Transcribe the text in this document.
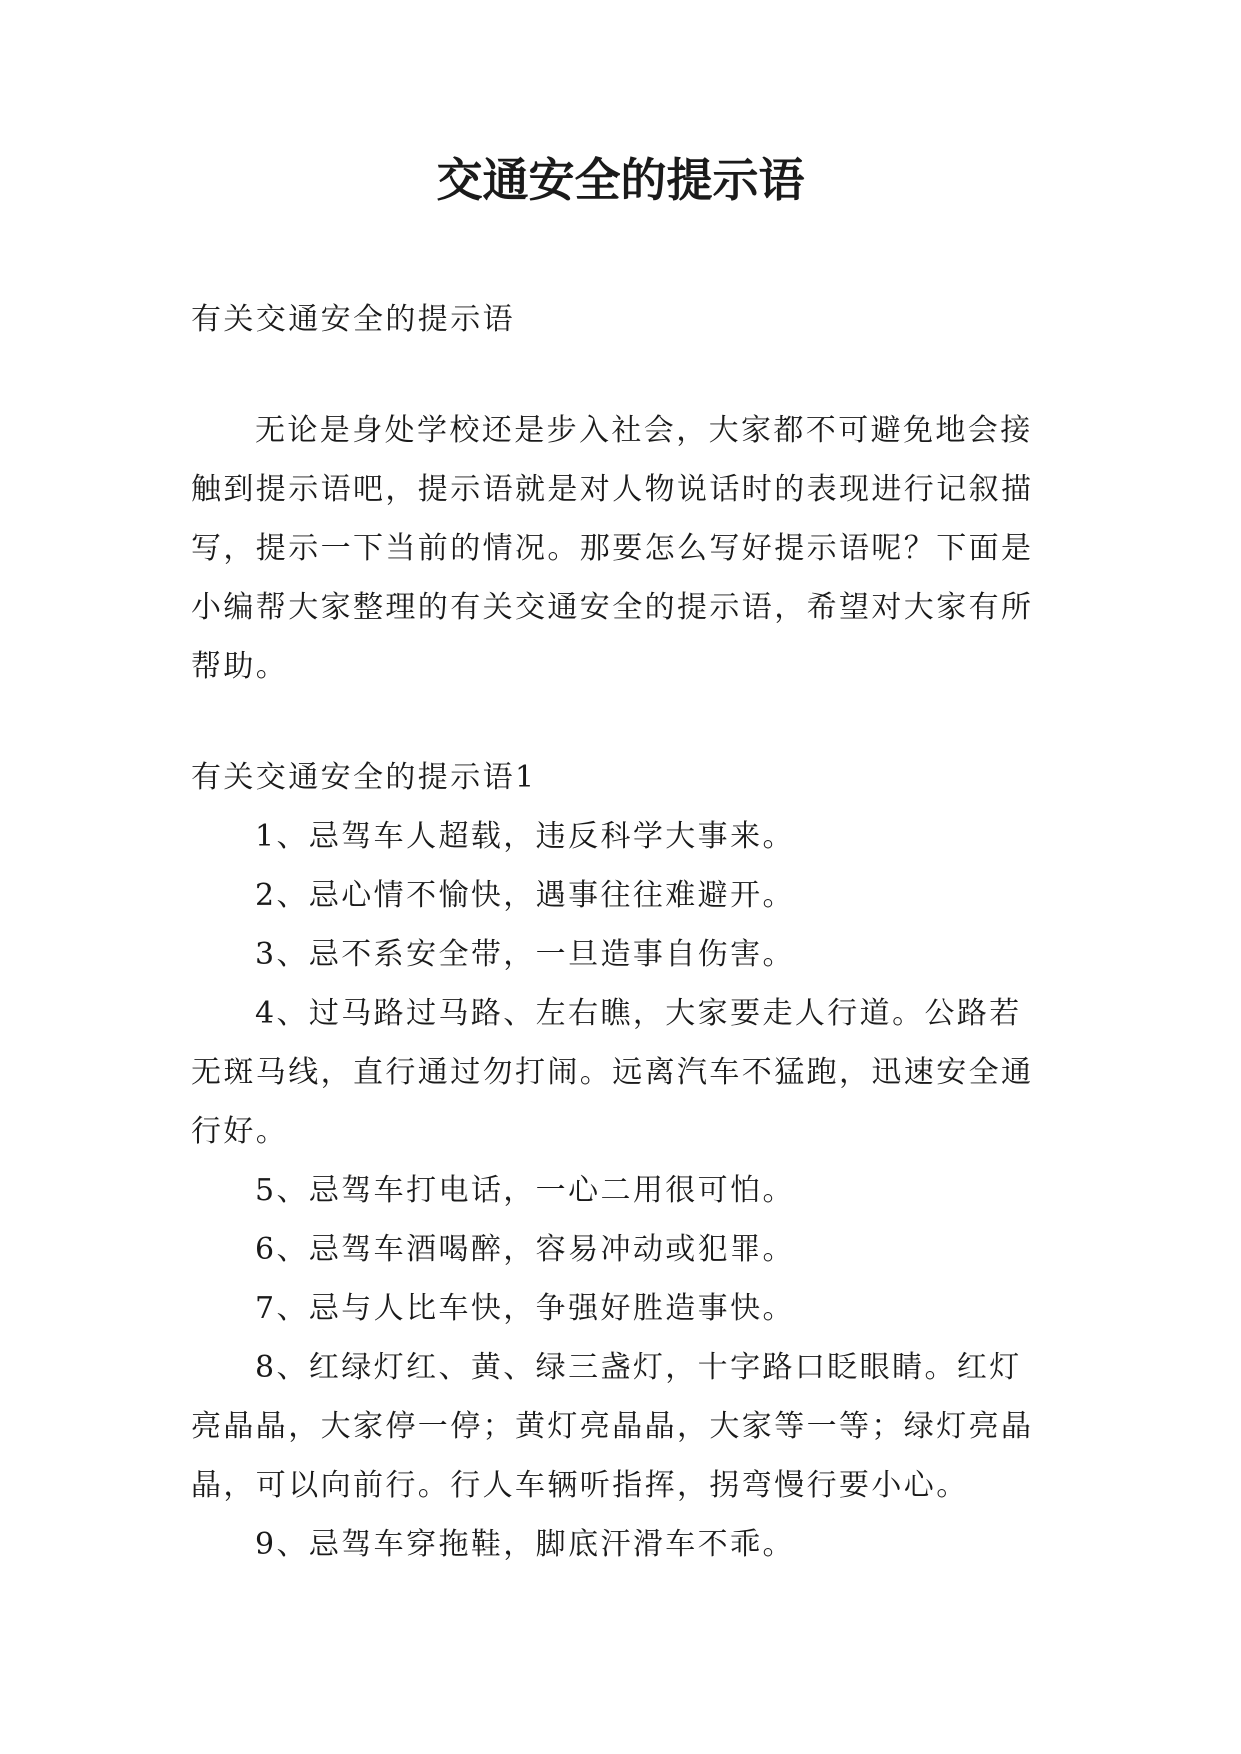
交通安全的提示语

有关交通安全的提示语

无论是身处学校还是步入社会，大家都不可避免地会接触到提示语吧，提示语就是对人物说话时的表现进行记叙描写，提示一下当前的情况。那要怎么写好提示语呢？下面是小编帮大家整理的有关交通安全的提示语，希望对大家有所帮助。

有关交通安全的提示语1

1、忌驾车人超载，违反科学大事来。

2、忌心情不愉快，遇事往往难避开。

3、忌不系安全带，一旦造事自伤害。

4、过马路过马路、左右瞧，大家要走人行道。公路若无斑马线，直行通过勿打闹。远离汽车不猛跑，迅速安全通行好。

5、忌驾车打电话，一心二用很可怕。

6、忌驾车酒喝醉，容易冲动或犯罪。

7、忌与人比车快，争强好胜造事快。

8、红绿灯红、黄、绿三盏灯，十字路口眨眼睛。红灯亮晶晶，大家停一停；黄灯亮晶晶，大家等一等；绿灯亮晶晶，可以向前行。行人车辆听指挥，拐弯慢行要小心。

9、忌驾车穿拖鞋，脚底汗滑车不乖。
